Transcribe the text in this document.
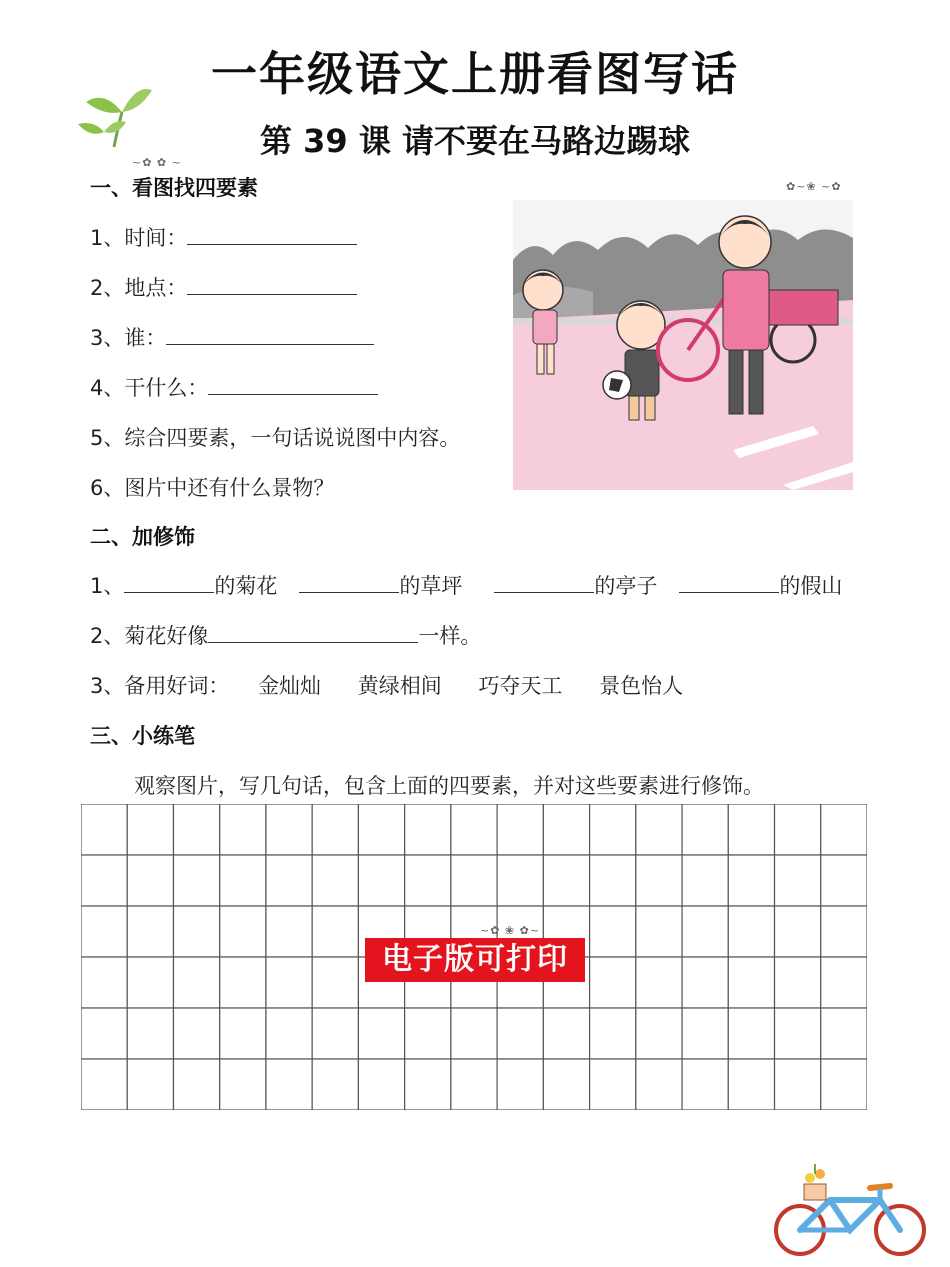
一年级语文上册看图写话
第 39 课 请不要在马路边踢球
~✿ ✿ ~
一、看图找四要素
1、时间：
2、地点：
3、谁：
4、干什么：
5、综合四要素，一句话说说图中内容。
6、图片中还有什么景物？
✿~❀ ~✿
二、加修饰
1、	的菊花	的草坪	的亭子	的假山
2、菊花好像	一样。
3、备用好词： 金灿灿 黄绿相间 巧夺天工 景色怡人
三、小练笔
观察图片，写几句话，包含上面的四要素，并对这些要素进行修饰。
~✿ ❀ ✿~
电子版可打印
